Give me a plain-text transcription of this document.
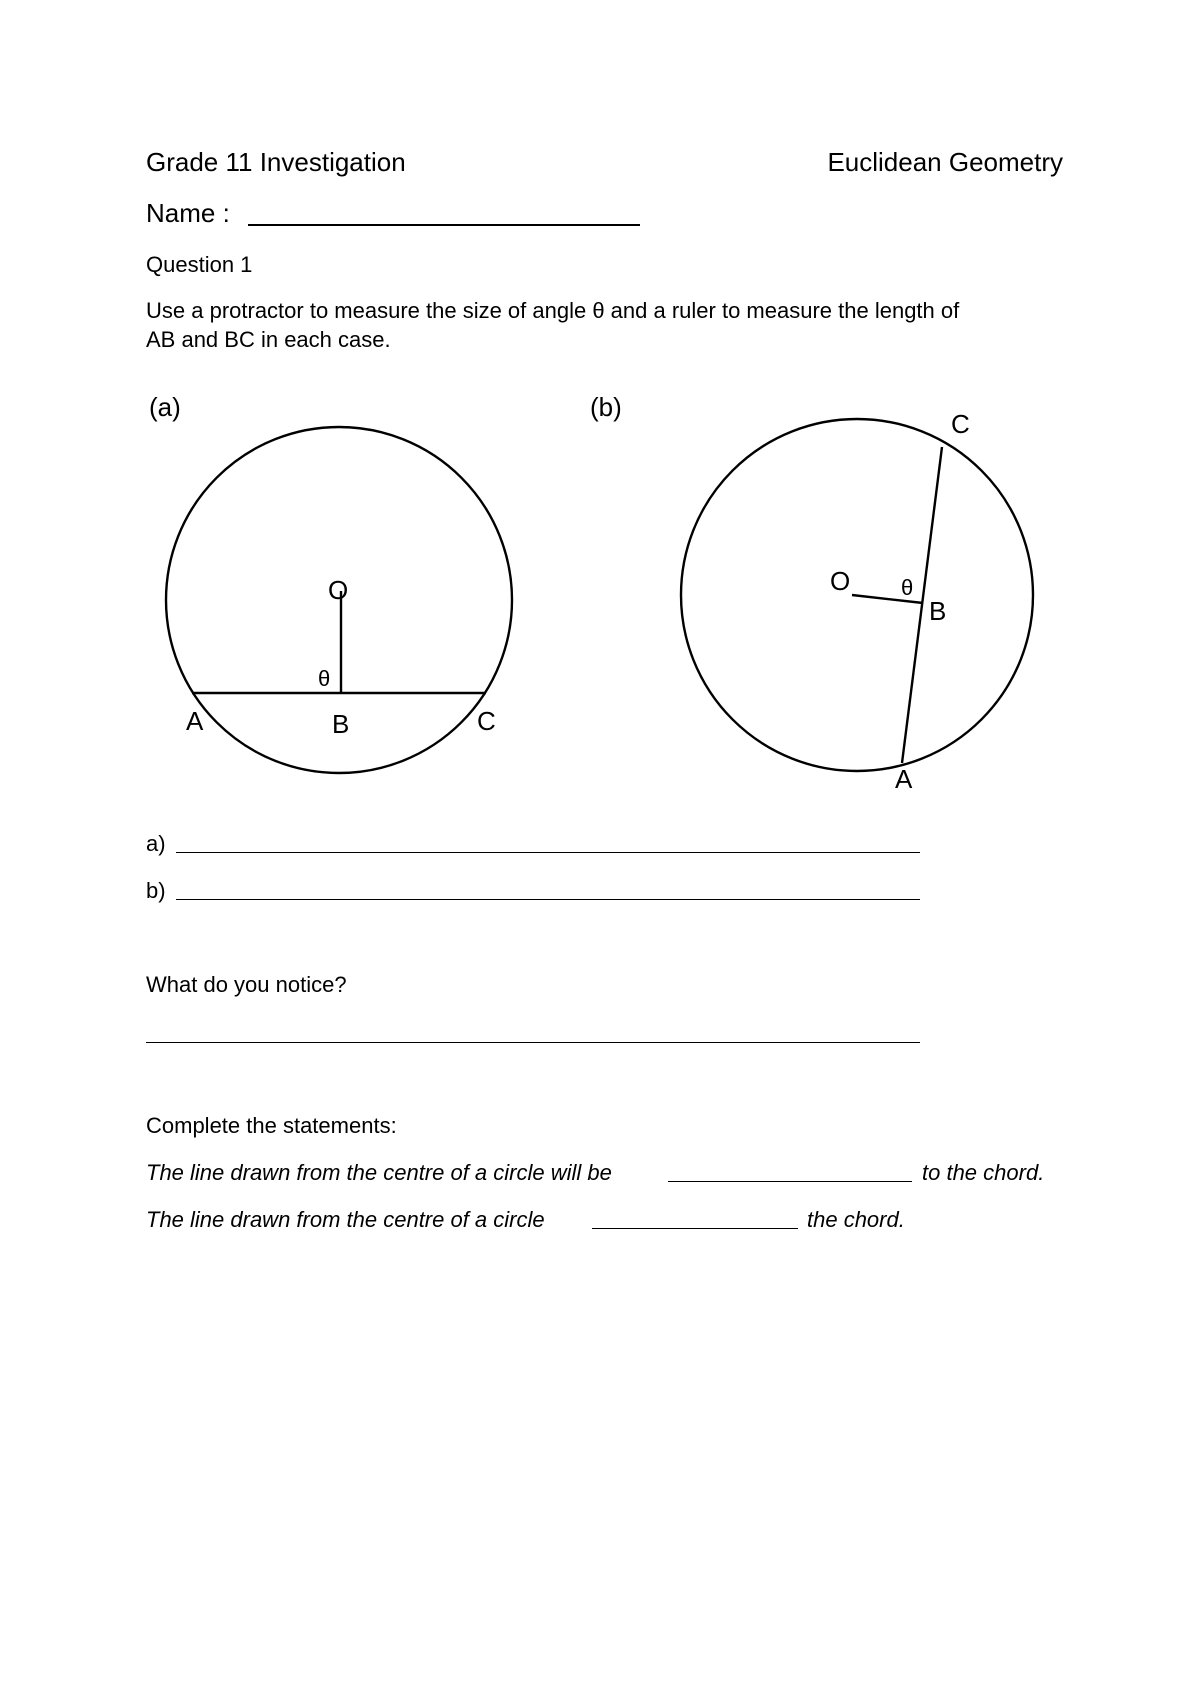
Grade 11 Investigation	Euclidean Geometry
Name :
Question 1
Use a protractor to measure the size of angle θ and a ruler to measure the length of
AB and BC in each case.
(a)
O
θ
A	B	C
(b)
O θ
B
C
A
a)
b)
What do you notice?
Complete the statements:
The line drawn from the centre of a circle will be	to the chord.
The line drawn from the centre of a circle	the chord.
